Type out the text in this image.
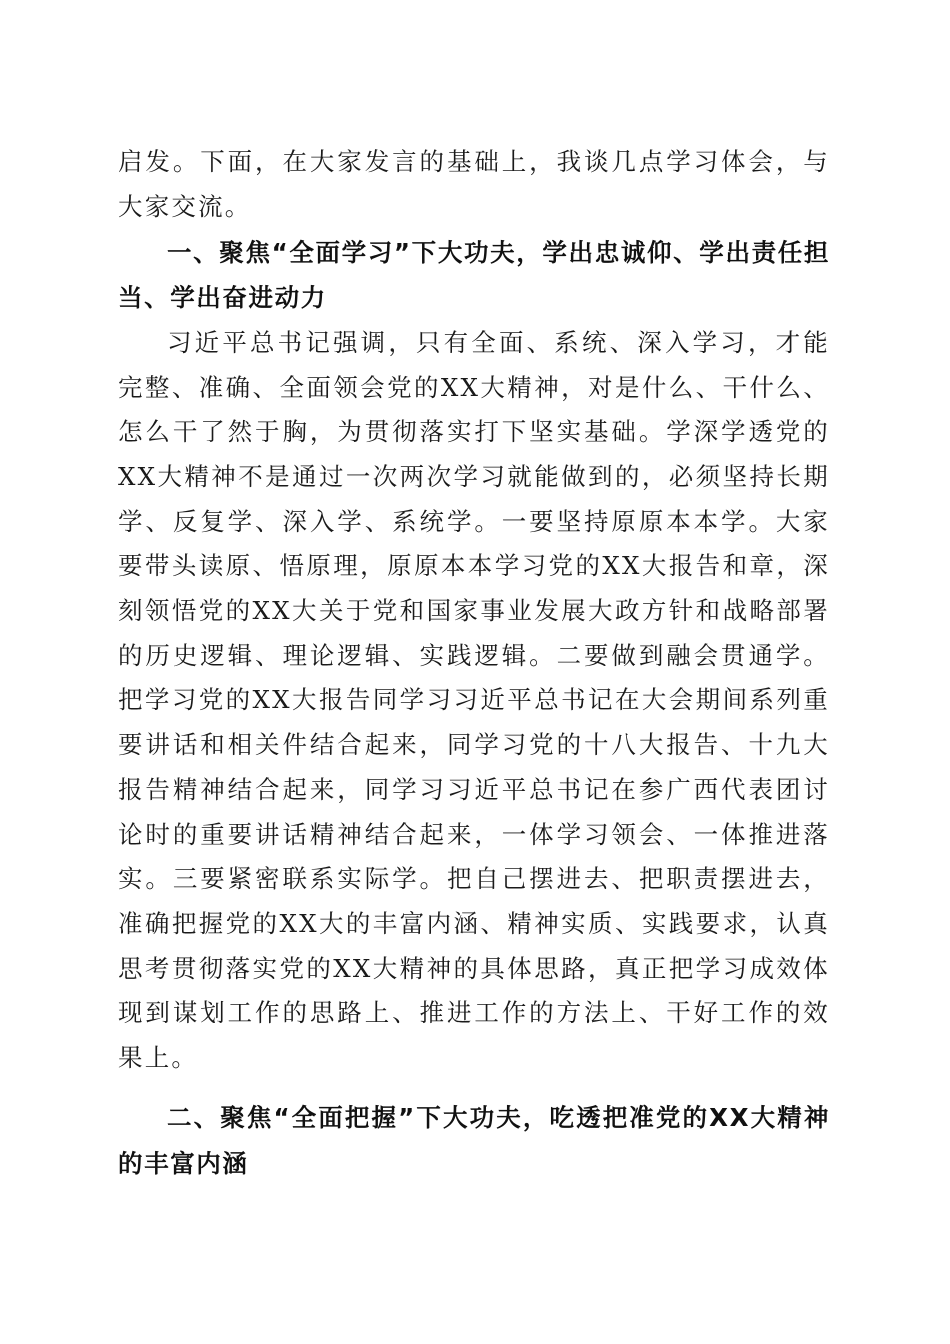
启发。下面，在大家发言的基础上，我谈几点学习体会，与大家交流。

一、聚焦“全面学习”下大功夫，学出忠诚仰、学出责任担当、学出奋进动力

习近平总书记强调，只有全面、系统、深入学习，才能完整、准确、全面领会党的XX大精神，对是什么、干什么、怎么干了然于胸，为贯彻落实打下坚实基础。学深学透党的XX大精神不是通过一次两次学习就能做到的，必须坚持长期学、反复学、深入学、系统学。一要坚持原原本本学。大家要带头读原、悟原理，原原本本学习党的XX大报告和章，深刻领悟党的XX大关于党和国家事业发展大政方针和战略部署的历史逻辑、理论逻辑、实践逻辑。二要做到融会贯通学。把学习党的XX大报告同学习习近平总书记在大会期间系列重要讲话和相关件结合起来，同学习党的十八大报告、十九大报告精神结合起来，同学习习近平总书记在参广西代表团讨论时的重要讲话精神结合起来，一体学习领会、一体推进落实。三要紧密联系实际学。把自己摆进去、把职责摆进去，准确把握党的XX大的丰富内涵、精神实质、实践要求，认真思考贯彻落实党的XX大精神的具体思路，真正把学习成效体现到谋划工作的思路上、推进工作的方法上、干好工作的效果上。

二、聚焦“全面把握”下大功夫，吃透把准党的XX大精神的丰富内涵
